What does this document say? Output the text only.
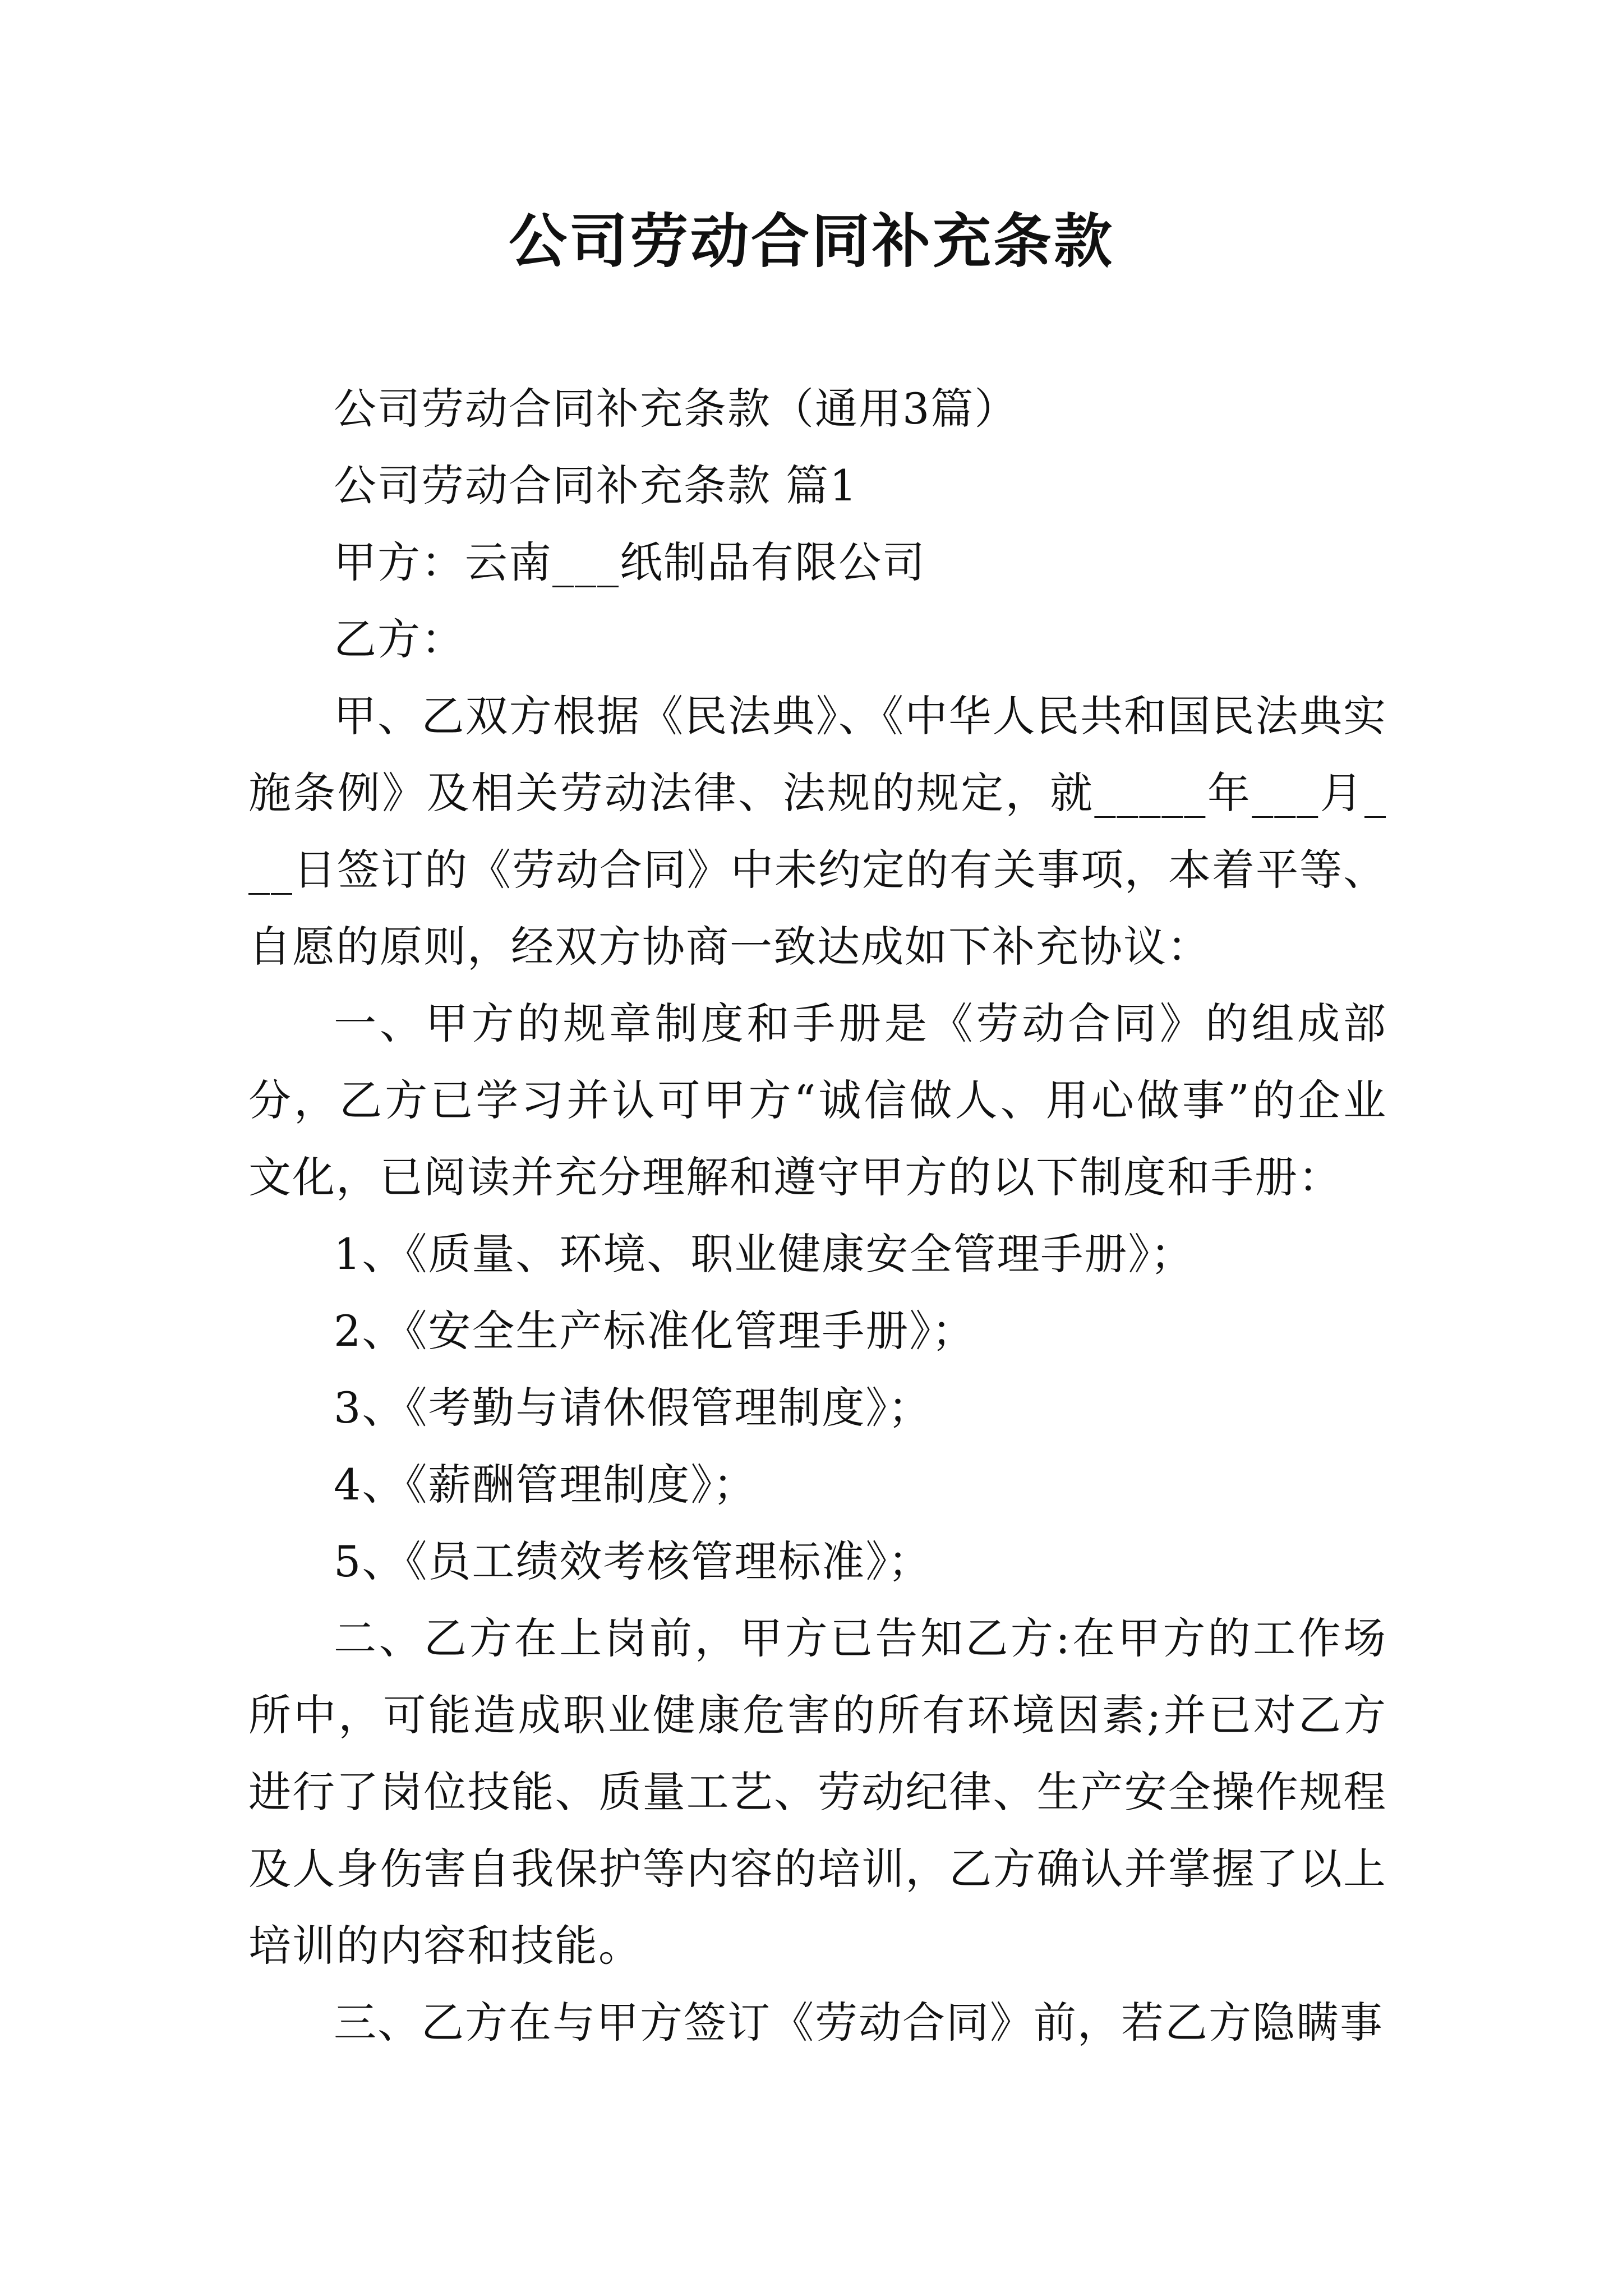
公司劳动合同补充条款

公司劳动合同补充条款（通用3篇）

公司劳动合同补充条款 篇1

甲方：云南___纸制品有限公司

乙方：

甲、乙双方根据《民法典》、《中华人民共和国民法典实施条例》及相关劳动法律、法规的规定，就_____年___月___日签订的《劳动合同》中未约定的有关事项，本着平等、自愿的原则，经双方协商一致达成如下补充协议：

一、甲方的规章制度和手册是《劳动合同》的组成部分，乙方已学习并认可甲方“诚信做人、用心做事”的企业文化，已阅读并充分理解和遵守甲方的以下制度和手册：

1、《质量、环境、职业健康安全管理手册》；

2、《安全生产标准化管理手册》；

3、《考勤与请休假管理制度》；

4、《薪酬管理制度》；

5、《员工绩效考核管理标准》；

二、乙方在上岗前，甲方已告知乙方:在甲方的工作场所中，可能造成职业健康危害的所有环境因素;并已对乙方进行了岗位技能、质量工艺、劳动纪律、生产安全操作规程及人身伤害自我保护等内容的培训，乙方确认并掌握了以上培训的内容和技能。

三、乙方在与甲方签订《劳动合同》前，若乙方隐瞒事
